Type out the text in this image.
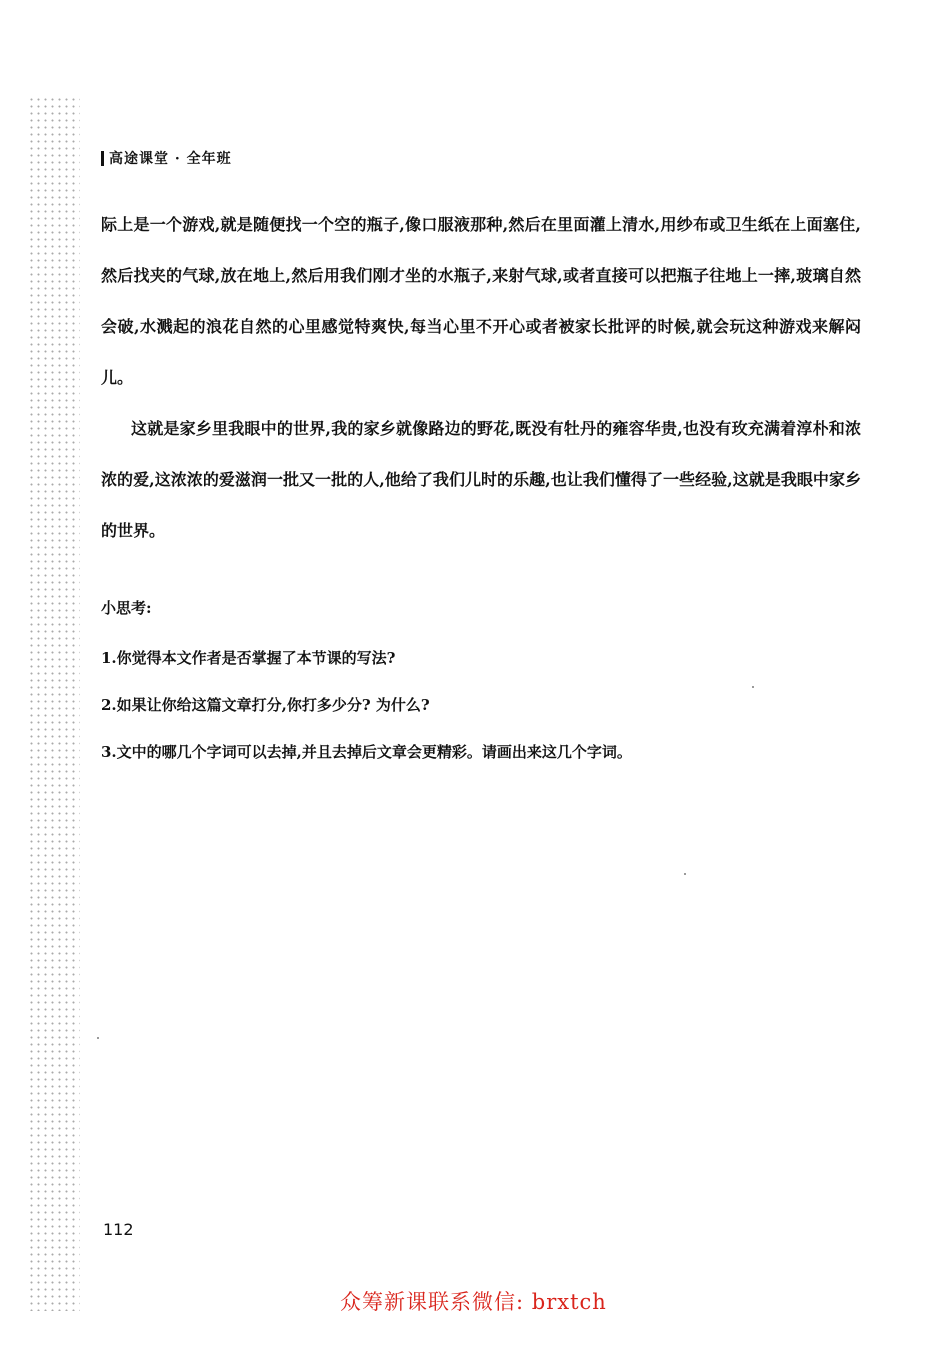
高途课堂 · 全年班

际上是一个游戏,就是随便找一个空的瓶子,像口服液那种,然后在里面灌上清水,用纱布或卫生纸在上面塞住,然后找夹的气球,放在地上,然后用我们刚才坐的水瓶子,来射气球,或者直接可以把瓶子往地上一摔,玻璃自然会破,水溅起的浪花自然的心里感觉特爽快,每当心里不开心或者被家长批评的时候,就会玩这种游戏来解闷儿。

这就是家乡里我眼中的世界,我的家乡就像路边的野花,既没有牡丹的雍容华贵,也没有玫充满着淳朴和浓浓的爱,这浓浓的爱滋润一批又一批的人,他给了我们儿时的乐趣,也让我们懂得了一些经验,这就是我眼中家乡的世界。

小思考:

1.你觉得本文作者是否掌握了本节课的写法?

2.如果让你给这篇文章打分,你打多少分? 为什么?

3.文中的哪几个字词可以去掉,并且去掉后文章会更精彩。请画出来这几个字词。

112
众筹新课联系微信: brxtch
